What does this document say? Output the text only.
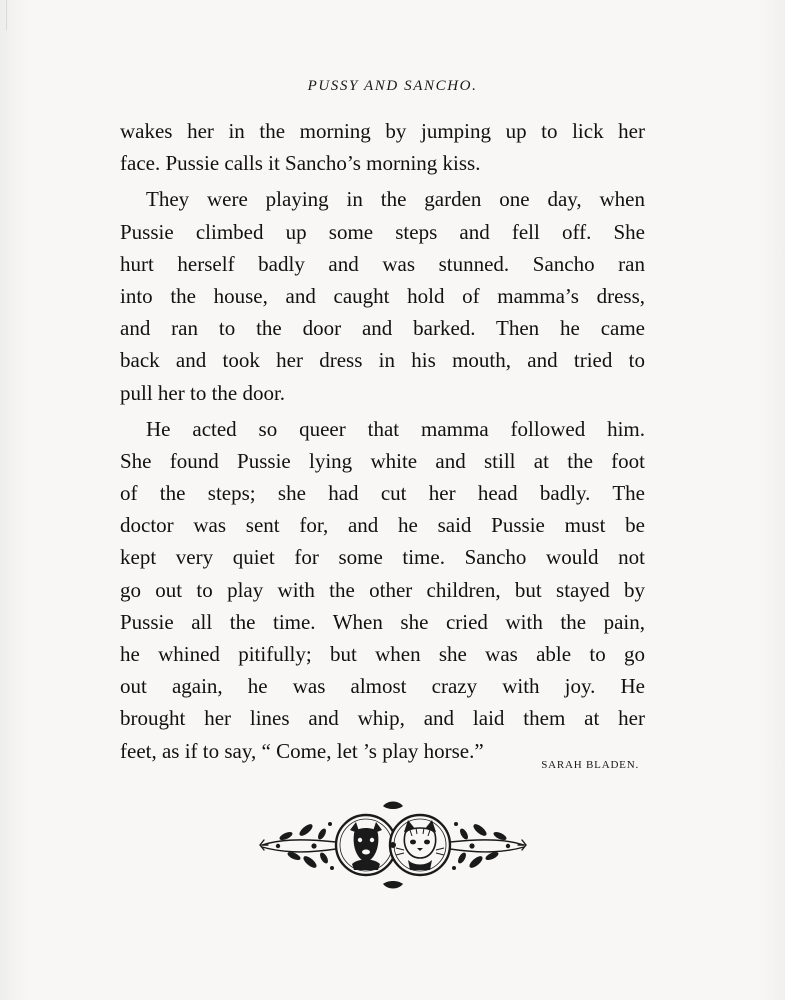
PUSSY AND SANCHO.
wakes her in the morning by jumping up to lick her
face. Pussie calls it Sancho’s morning kiss.
They were playing in the garden one day, when
Pussie climbed up some steps and fell off. She
hurt herself badly and was stunned. Sancho ran
into the house, and caught hold of mamma’s dress,
and ran to the door and barked. Then he came
back and took her dress in his mouth, and tried to
pull her to the door.
He acted so queer that mamma followed him.
She found Pussie lying white and still at the foot
of the steps; she had cut her head badly. The
doctor was sent for, and he said Pussie must be
kept very quiet for some time. Sancho would not
go out to play with the other children, but stayed by
Pussie all the time. When she cried with the pain,
he whined pitifully; but when she was able to go
out again, he was almost crazy with joy. He
brought her lines and whip, and laid them at her
feet, as if to say, “ Come, let ’s play horse.”
SARAH BLADEN.
